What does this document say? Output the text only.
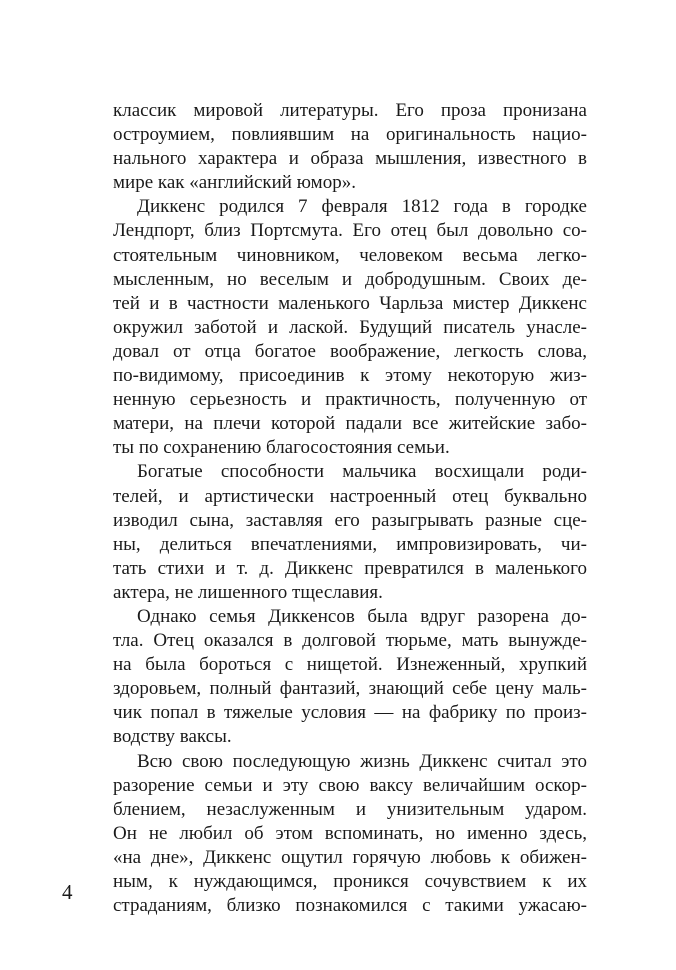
классик мировой литературы. Его проза пронизана
остроумием, повлиявшим на оригинальность нацио-
нального характера и образа мышления, известного в
мире как «английский юмор».
Диккенс родился 7 февраля 1812 года в городке
Лендпорт, близ Портсмута. Его отец был довольно со-
стоятельным чиновником, человеком весьма легко-
мысленным, но веселым и добродушным. Своих де-
тей и в частности маленького Чарльза мистер Диккенс
окружил заботой и лаской. Будущий писатель унасле-
довал от отца богатое воображение, легкость слова,
по-видимому, присоединив к этому некоторую жиз-
ненную серьезность и практичность, полученную от
матери, на плечи которой падали все житейские забо-
ты по сохранению благосостояния семьи.
Богатые способности мальчика восхищали роди-
телей, и артистически настроенный отец буквально
изводил сына, заставляя его разыгрывать разные сце-
ны, делиться впечатлениями, импровизировать, чи-
тать стихи и т. д. Диккенс превратился в маленького
актера, не лишенного тщеславия.
Однако семья Диккенсов была вдруг разорена до-
тла. Отец оказался в долговой тюрьме, мать вынужде-
на была бороться с нищетой. Изнеженный, хрупкий
здоровьем, полный фантазий, знающий себе цену маль-
чик попал в тяжелые условия — на фабрику по произ-
водству ваксы.
Всю свою последующую жизнь Диккенс считал это
разорение семьи и эту свою ваксу величайшим оскор-
блением, незаслуженным и унизительным ударом.
Он не любил об этом вспоминать, но именно здесь,
«на дне», Диккенс ощутил горячую любовь к обижен-
ным, к нуждающимся, проникся сочувствием к их
страданиям, близко познакомился с такими ужасаю-
4
